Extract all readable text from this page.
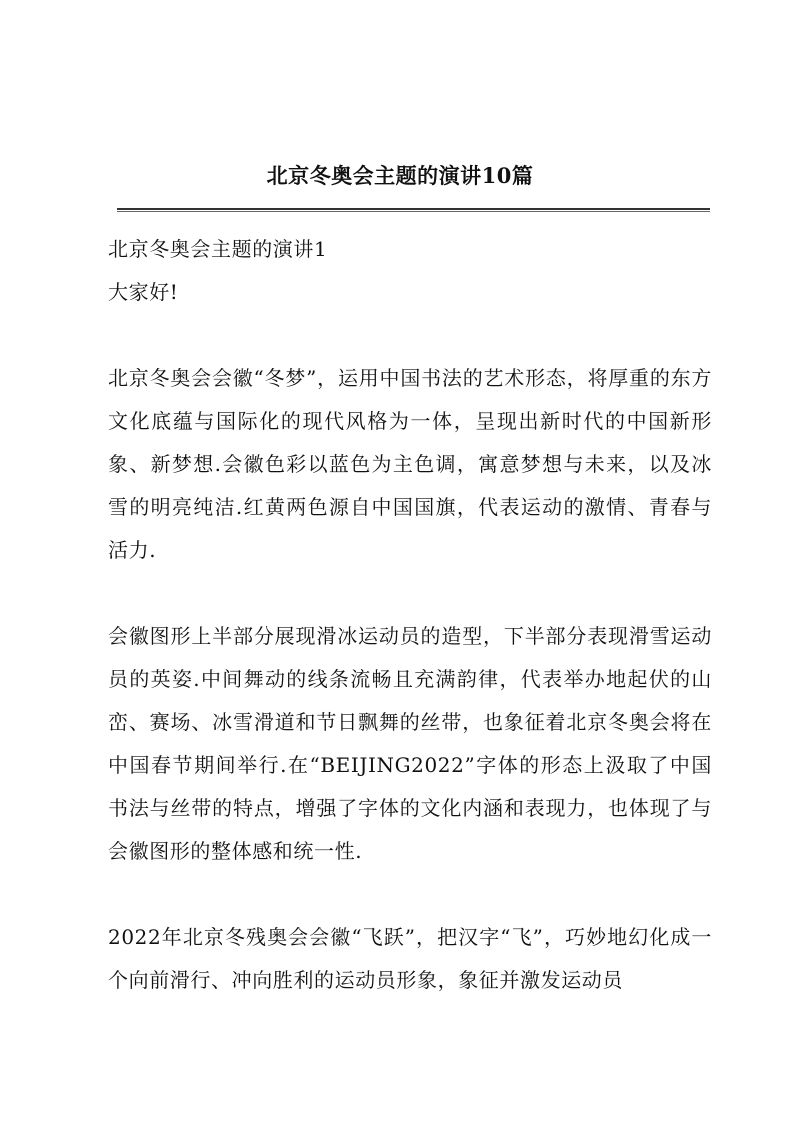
北京冬奥会主题的演讲10篇

北京冬奥会主题的演讲1

大家好!

北京冬奥会会徽“冬梦”，运用中国书法的艺术形态，将厚重的东方文化底蕴与国际化的现代风格为一体，呈现出新时代的中国新形象、新梦想.会徽色彩以蓝色为主色调，寓意梦想与未来，以及冰雪的明亮纯洁.红黄两色源自中国国旗，代表运动的激情、青春与活力.

会徽图形上半部分展现滑冰运动员的造型，下半部分表现滑雪运动员的英姿.中间舞动的线条流畅且充满韵律，代表举办地起伏的山峦、赛场、冰雪滑道和节日飘舞的丝带，也象征着北京冬奥会将在中国春节期间举行.在“BEIJING2022”字体的形态上汲取了中国书法与丝带的特点，增强了字体的文化内涵和表现力，也体现了与会徽图形的整体感和统一性.

2022年北京冬残奥会会徽“飞跃”，把汉字“飞”，巧妙地幻化成一个向前滑行、冲向胜利的运动员形象，象征并激发运动员
